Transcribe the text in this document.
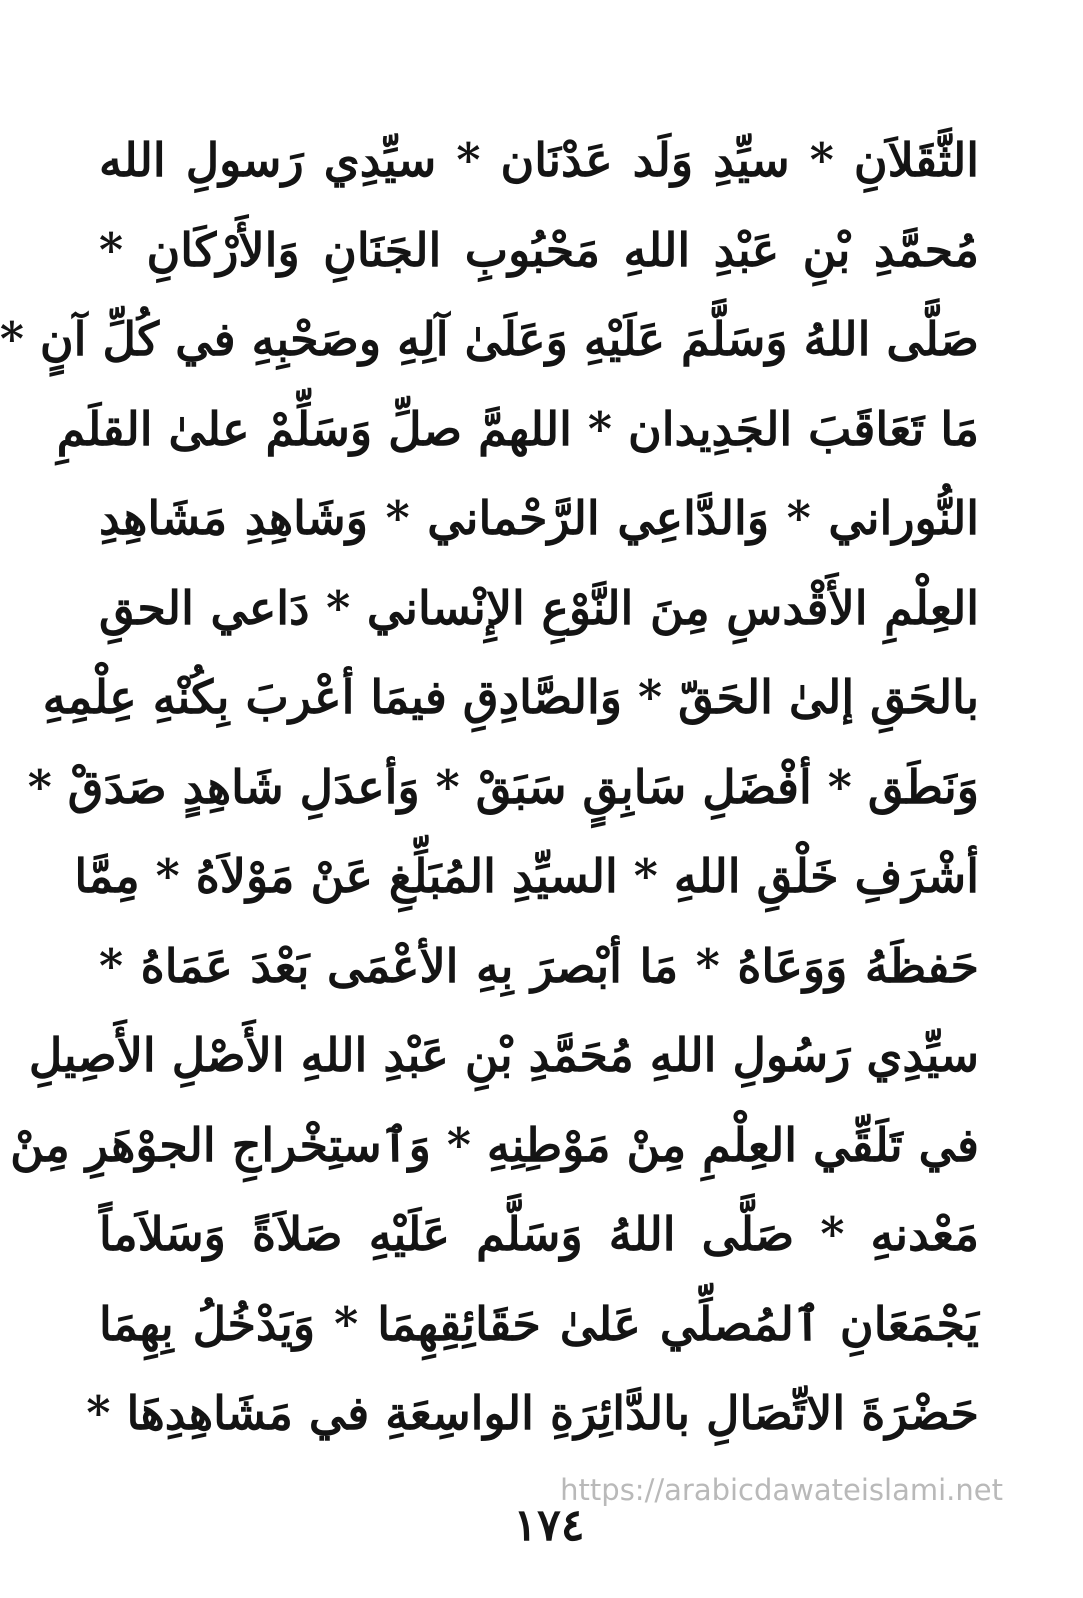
الثَّقَلاَنِ * سيِّدِ وَلَد عَدْنَان * سيِّدِي رَسولِ الله
مُحمَّدِ بْنِ عَبْدِ اللهِ مَحْبُوبِ الجَنَانِ وَالأَرْكَانِ *
صَلَّى اللهُ وَسَلَّمَ عَلَيْهِ وَعَلَىٰ آلِهِ وصَحْبِهِ في كُلِّ آنٍ *
مَا تَعَاقَبَ الجَدِيدان * اللهمَّ صلِّ وَسَلِّمْ علىٰ القلَمِ
النُّوراني * وَالدَّاعِي الرَّحْماني * وَشَاهِدِ مَشَاهِدِ
العِلْمِ الأَقْدسِ مِنَ النَّوْعِ الإِنْساني * دَاعي الحقِ
بالحَقِ إلىٰ الحَقّ * وَالصَّادِقِ فيمَا أعْربَ بِكُنْهِ عِلْمِهِ
وَنَطَق * أفْضَلِ سَابِقٍ سَبَقْ * وَأعدَلِ شَاهِدٍ صَدَقْ *
أشْرَفِ خَلْقِ اللهِ * السيِّدِ المُبَلِّغِ عَنْ مَوْلاَهُ * مِمَّا
حَفظَهُ وَوَعَاهُ * مَا أبْصرَ بِهِ الأعْمَى بَعْدَ عَمَاهُ *
سيِّدِي رَسُولِ اللهِ مُحَمَّدِ بْنِ عَبْدِ اللهِ الأَصْلِ الأَصِيلِ
في تَلَقِّي العِلْمِ مِنْ مَوْطِنِهِ * وَٱستِخْراجِ الجوْهَرِ مِنْ
مَعْدنهِ * صَلَّى اللهُ وَسَلَّم عَلَيْهِ صَلاَةً وَسَلاَماً
يَجْمَعَانِ ٱلمُصلِّي عَلىٰ حَقَائِقِهِمَا * وَيَدْخُلُ بِهِمَا
حَضْرَةَ الاتِّصَالِ بالدَّائِرَةِ الواسِعَةِ في مَشَاهِدِهَا *
https://arabicdawateislami.net
١٧٤
